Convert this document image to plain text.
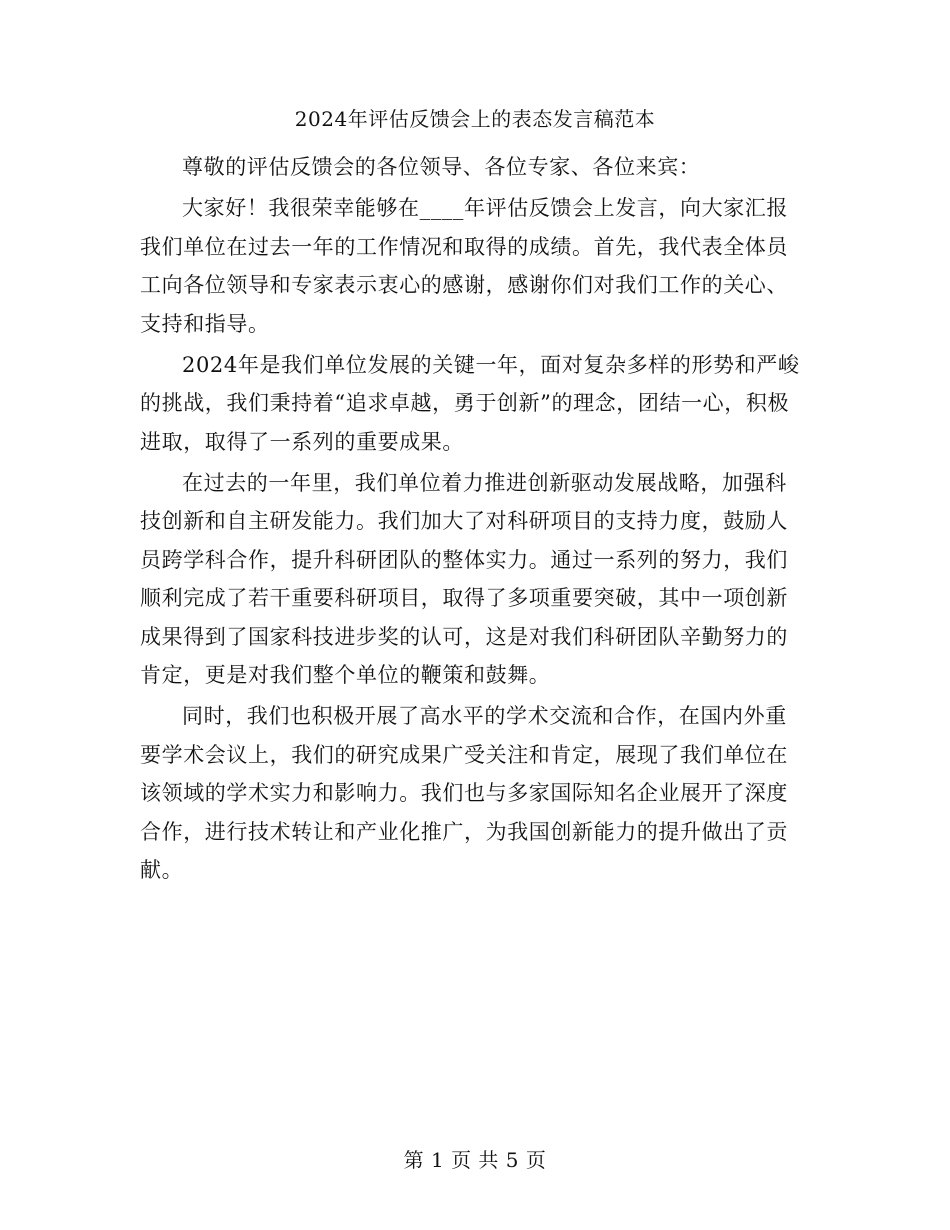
2024年评估反馈会上的表态发言稿范本

尊敬的评估反馈会的各位领导、各位专家、各位来宾：

大家好！我很荣幸能够在____年评估反馈会上发言，向大家汇报我们单位在过去一年的工作情况和取得的成绩。首先，我代表全体员工向各位领导和专家表示衷心的感谢，感谢你们对我们工作的关心、支持和指导。

2024年是我们单位发展的关键一年，面对复杂多样的形势和严峻的挑战，我们秉持着“追求卓越，勇于创新”的理念，团结一心，积极进取，取得了一系列的重要成果。

在过去的一年里，我们单位着力推进创新驱动发展战略，加强科技创新和自主研发能力。我们加大了对科研项目的支持力度，鼓励人员跨学科合作，提升科研团队的整体实力。通过一系列的努力，我们顺利完成了若干重要科研项目，取得了多项重要突破，其中一项创新成果得到了国家科技进步奖的认可，这是对我们科研团队辛勤努力的肯定，更是对我们整个单位的鞭策和鼓舞。

同时，我们也积极开展了高水平的学术交流和合作，在国内外重要学术会议上，我们的研究成果广受关注和肯定，展现了我们单位在该领域的学术实力和影响力。我们也与多家国际知名企业展开了深度合作，进行技术转让和产业化推广，为我国创新能力的提升做出了贡献。

第 1 页 共 5 页
